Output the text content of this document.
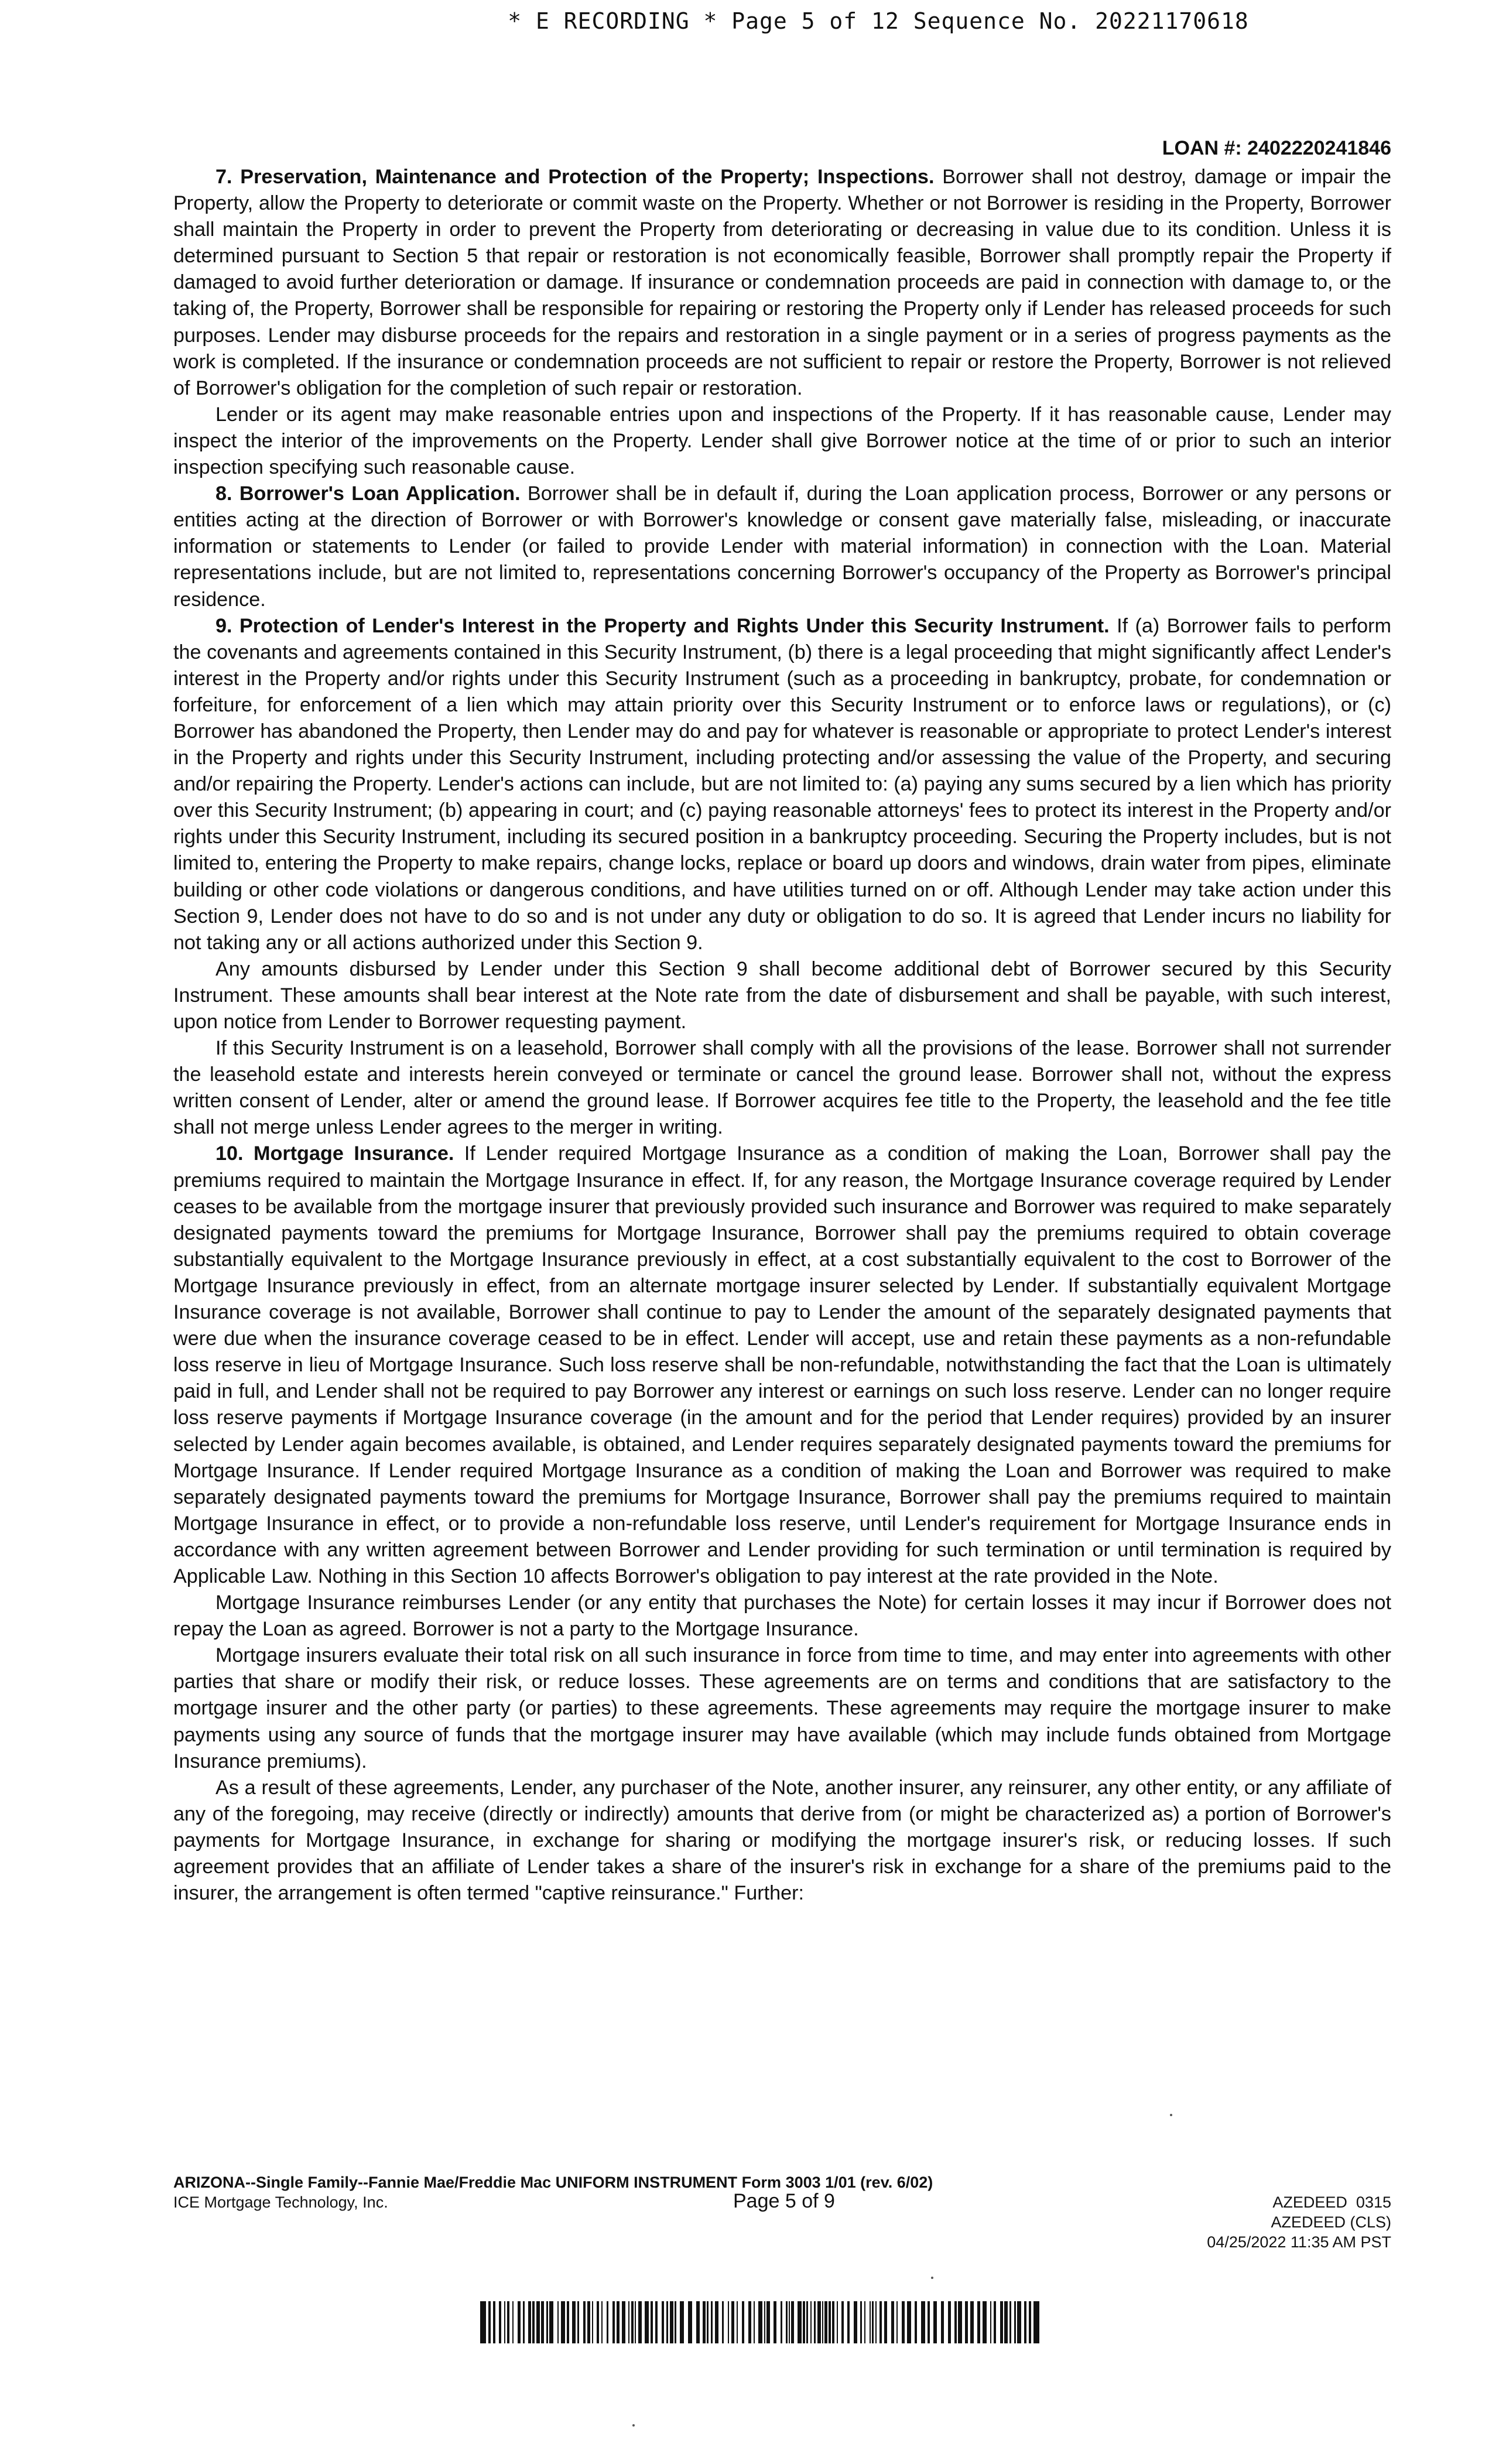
* E RECORDING * Page 5 of 12 Sequence No. 20221170618
LOAN #: 2402220241846

7. Preservation, Maintenance and Protection of the Property; Inspections. Borrower shall not destroy, damage or impair the Property, allow the Property to deteriorate or commit waste on the Property. Whether or not Borrower is residing in the Property, Borrower shall maintain the Property in order to prevent the Property from deteriorating or decreasing in value due to its condition. Unless it is determined pursuant to Section 5 that repair or restoration is not economically feasible, Borrower shall promptly repair the Property if damaged to avoid further deterioration or damage. If insurance or condemnation proceeds are paid in connection with damage to, or the taking of, the Property, Borrower shall be responsible for repairing or restoring the Property only if Lender has released proceeds for such purposes. Lender may disburse proceeds for the repairs and restoration in a single payment or in a series of progress payments as the work is completed. If the insurance or condemnation proceeds are not sufficient to repair or restore the Property, Borrower is not relieved of Borrower's obligation for the completion of such repair or restoration.

Lender or its agent may make reasonable entries upon and inspections of the Property. If it has reasonable cause, Lender may inspect the interior of the improvements on the Property. Lender shall give Borrower notice at the time of or prior to such an interior inspection specifying such reasonable cause.

8. Borrower's Loan Application. Borrower shall be in default if, during the Loan application process, Borrower or any persons or entities acting at the direction of Borrower or with Borrower's knowledge or consent gave materially false, misleading, or inaccurate information or statements to Lender (or failed to provide Lender with material information) in connection with the Loan. Material representations include, but are not limited to, representations concerning Borrower's occupancy of the Property as Borrower's principal residence.

9. Protection of Lender's Interest in the Property and Rights Under this Security Instrument. If (a) Borrower fails to perform the covenants and agreements contained in this Security Instrument, (b) there is a legal proceeding that might significantly affect Lender's interest in the Property and/or rights under this Security Instrument (such as a proceeding in bankruptcy, probate, for condemnation or forfeiture, for enforcement of a lien which may attain priority over this Security Instrument or to enforce laws or regulations), or (c) Borrower has abandoned the Property, then Lender may do and pay for whatever is reasonable or appropriate to protect Lender's interest in the Property and rights under this Security Instrument, including protecting and/or assessing the value of the Property, and securing and/or repairing the Property. Lender's actions can include, but are not limited to: (a) paying any sums secured by a lien which has priority over this Security Instrument; (b) appearing in court; and (c) paying reasonable attorneys' fees to protect its interest in the Property and/or rights under this Security Instrument, including its secured position in a bankruptcy proceeding. Securing the Property includes, but is not limited to, entering the Property to make repairs, change locks, replace or board up doors and windows, drain water from pipes, eliminate building or other code violations or dangerous conditions, and have utilities turned on or off. Although Lender may take action under this Section 9, Lender does not have to do so and is not under any duty or obligation to do so. It is agreed that Lender incurs no liability for not taking any or all actions authorized under this Section 9.

Any amounts disbursed by Lender under this Section 9 shall become additional debt of Borrower secured by this Security Instrument. These amounts shall bear interest at the Note rate from the date of disbursement and shall be payable, with such interest, upon notice from Lender to Borrower requesting payment.

If this Security Instrument is on a leasehold, Borrower shall comply with all the provisions of the lease. Borrower shall not surrender the leasehold estate and interests herein conveyed or terminate or cancel the ground lease. Borrower shall not, without the express written consent of Lender, alter or amend the ground lease. If Borrower acquires fee title to the Property, the leasehold and the fee title shall not merge unless Lender agrees to the merger in writing.

10. Mortgage Insurance. If Lender required Mortgage Insurance as a condition of making the Loan, Borrower shall pay the premiums required to maintain the Mortgage Insurance in effect. If, for any reason, the Mortgage Insurance coverage required by Lender ceases to be available from the mortgage insurer that previously provided such insurance and Borrower was required to make separately designated payments toward the premiums for Mortgage Insurance, Borrower shall pay the premiums required to obtain coverage substantially equivalent to the Mortgage Insurance previously in effect, at a cost substantially equivalent to the cost to Borrower of the Mortgage Insurance previously in effect, from an alternate mortgage insurer selected by Lender. If substantially equivalent Mortgage Insurance coverage is not available, Borrower shall continue to pay to Lender the amount of the separately designated payments that were due when the insurance coverage ceased to be in effect. Lender will accept, use and retain these payments as a non-refundable loss reserve in lieu of Mortgage Insurance. Such loss reserve shall be non-refundable, notwithstanding the fact that the Loan is ultimately paid in full, and Lender shall not be required to pay Borrower any interest or earnings on such loss reserve. Lender can no longer require loss reserve payments if Mortgage Insurance coverage (in the amount and for the period that Lender requires) provided by an insurer selected by Lender again becomes available, is obtained, and Lender requires separately designated payments toward the premiums for Mortgage Insurance. If Lender required Mortgage Insurance as a condition of making the Loan and Borrower was required to make separately designated payments toward the premiums for Mortgage Insurance, Borrower shall pay the premiums required to maintain Mortgage Insurance in effect, or to provide a non-refundable loss reserve, until Lender's requirement for Mortgage Insurance ends in accordance with any written agreement between Borrower and Lender providing for such termination or until termination is required by Applicable Law. Nothing in this Section 10 affects Borrower's obligation to pay interest at the rate provided in the Note.

Mortgage Insurance reimburses Lender (or any entity that purchases the Note) for certain losses it may incur if Borrower does not repay the Loan as agreed. Borrower is not a party to the Mortgage Insurance.

Mortgage insurers evaluate their total risk on all such insurance in force from time to time, and may enter into agreements with other parties that share or modify their risk, or reduce losses. These agreements are on terms and conditions that are satisfactory to the mortgage insurer and the other party (or parties) to these agreements. These agreements may require the mortgage insurer to make payments using any source of funds that the mortgage insurer may have available (which may include funds obtained from Mortgage Insurance premiums).

As a result of these agreements, Lender, any purchaser of the Note, another insurer, any reinsurer, any other entity, or any affiliate of any of the foregoing, may receive (directly or indirectly) amounts that derive from (or might be characterized as) a portion of Borrower's payments for Mortgage Insurance, in exchange for sharing or modifying the mortgage insurer's risk, or reducing losses. If such agreement provides that an affiliate of Lender takes a share of the insurer's risk in exchange for a share of the premiums paid to the insurer, the arrangement is often termed "captive reinsurance." Further:

ARIZONA--Single Family--Fannie Mae/Freddie Mac UNIFORM INSTRUMENT Form 3003 1/01 (rev. 6/02)
ICE Mortgage Technology, Inc.	Page 5 of 9	AZEDEED  0315
AZEDEED (CLS)
04/25/2022 11:35 AM PST
